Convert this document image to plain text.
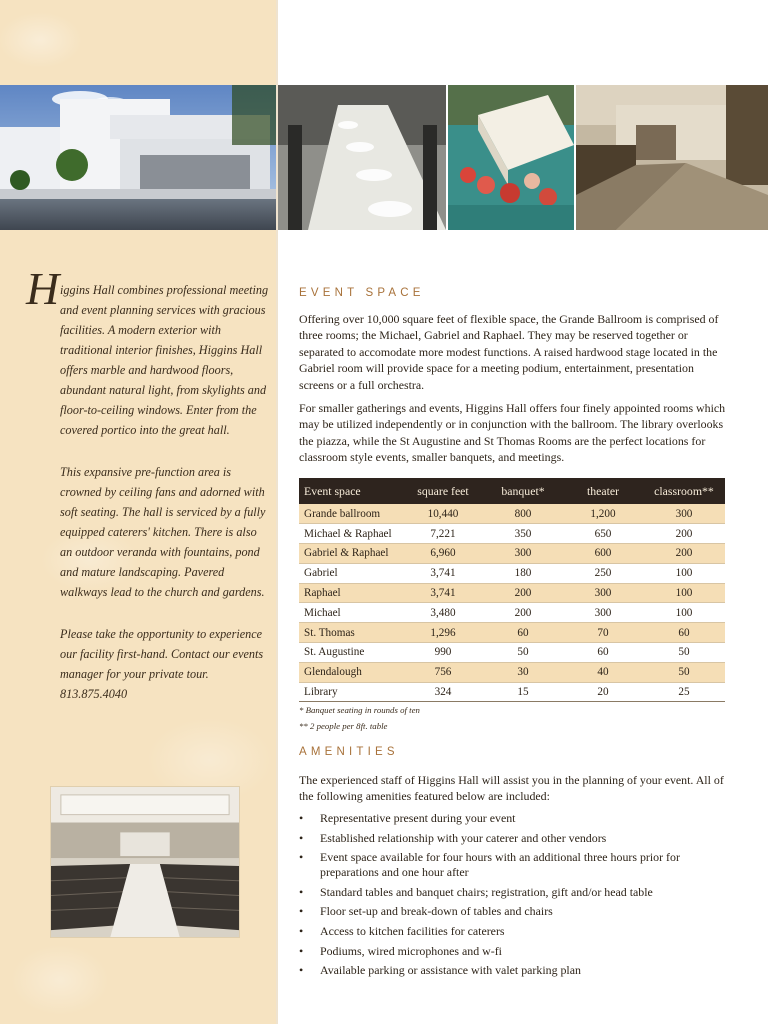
H iggins Hall combines professional meeting and event planning services with gracious facilities. A modern exterior with traditional interior finishes, Higgins Hall offers marble and hardwood floors, abundant natural light, from skylights and floor-to-ceiling windows. Enter from the covered portico into the great hall.

This expansive pre-function area is crowned by ceiling fans and adorned with soft seating. The hall is serviced by a fully equipped caterers' kitchen. There is also an outdoor veranda with fountains, pond and mature landscaping. Pavered walkways lead to the church and gardens.

Please take the opportunity to experience our facility first-hand. Contact our events manager for your private tour. 813.875.4040

EVENT SPACE

Offering over 10,000 square feet of flexible space, the Grande Ballroom is comprised of three rooms; the Michael, Gabriel and Raphael. They may be reserved together or separated to accomodate more modest functions. A raised hardwood stage located in the Gabriel room will provide space for a meeting podium, entertainment, presentation screens or a full orchestra.

For smaller gatherings and events, Higgins Hall offers four finely appointed rooms which may be utilized independently or in conjunction with the ballroom. The library overlooks the piazza, while the St Augustine and St Thomas Rooms are the perfect locations for classroom style events, smaller banquets, and meetings.

Event space	square feet	banquet*	theater	classroom**
Grande ballroom	10,440	800	1,200	300
Michael & Raphael	7,221	350	650	200
Gabriel & Raphael	6,960	300	600	200
Gabriel	3,741	180	250	100
Raphael	3,741	200	300	100
Michael	3,480	200	300	100
St. Thomas	1,296	60	70	60
St. Augustine	990	50	60	50
Glendalough	756	30	40	50
Library	324	15	20	25
* Banquet seating in rounds of ten
** 2 people per 8ft. table
AMENITIES

The experienced staff of Higgins Hall will assist you in the planning of your event. All of the following amenities featured below are included:

• Representative present during your event
• Established relationship with your caterer and other vendors
• Event space available for four hours with an additional three hours prior for preparations and one hour after
• Standard tables and banquet chairs; registration, gift and/or head table
• Floor set-up and break-down of tables and chairs
• Access to kitchen facilities for caterers
• Podiums, wired microphones and w-fi
• Available parking or assistance with valet parking plan
